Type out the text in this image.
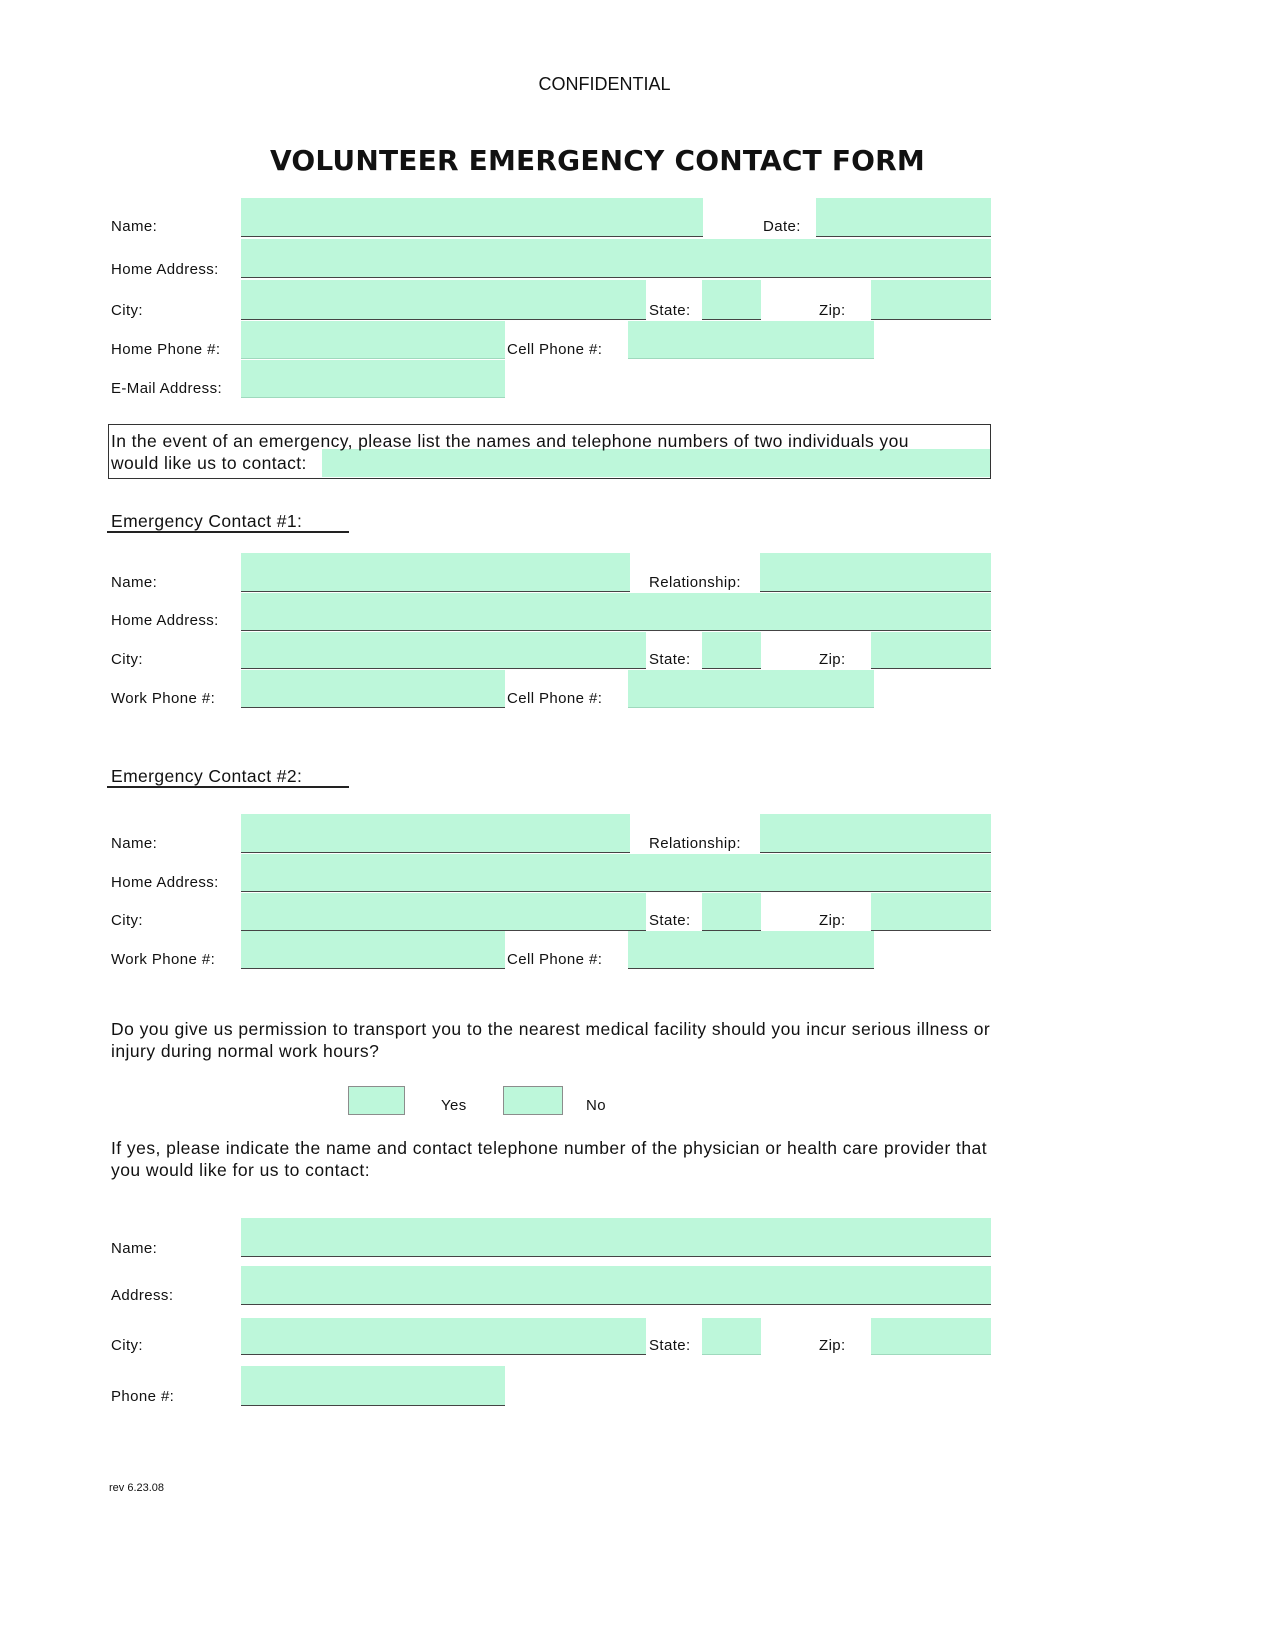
CONFIDENTIAL
VOLUNTEER EMERGENCY CONTACT FORM
Name:	Date:
Home Address:
City:	State:	Zip:
Home Phone #:	Cell Phone #:
E-Mail Address:
In the event of an emergency, please list the names and telephone numbers of two individuals you
would like us to contact:
Emergency Contact #1:
Name:	Relationship:
Home Address:
City:	State:	Zip:
Work Phone #:	Cell Phone #:
Emergency Contact #2:
Name:	Relationship:
Home Address:
City:	State:	Zip:
Work Phone #:	Cell Phone #:
Do you give us permission to transport you to the nearest medical facility should you incur serious illness or
injury during normal work hours?
Yes	No
If yes, please indicate the name and contact telephone number of the physician or health care provider that
you would like for us to contact:
Name:
Address:
City:	State:	Zip:
Phone #:
rev 6.23.08
